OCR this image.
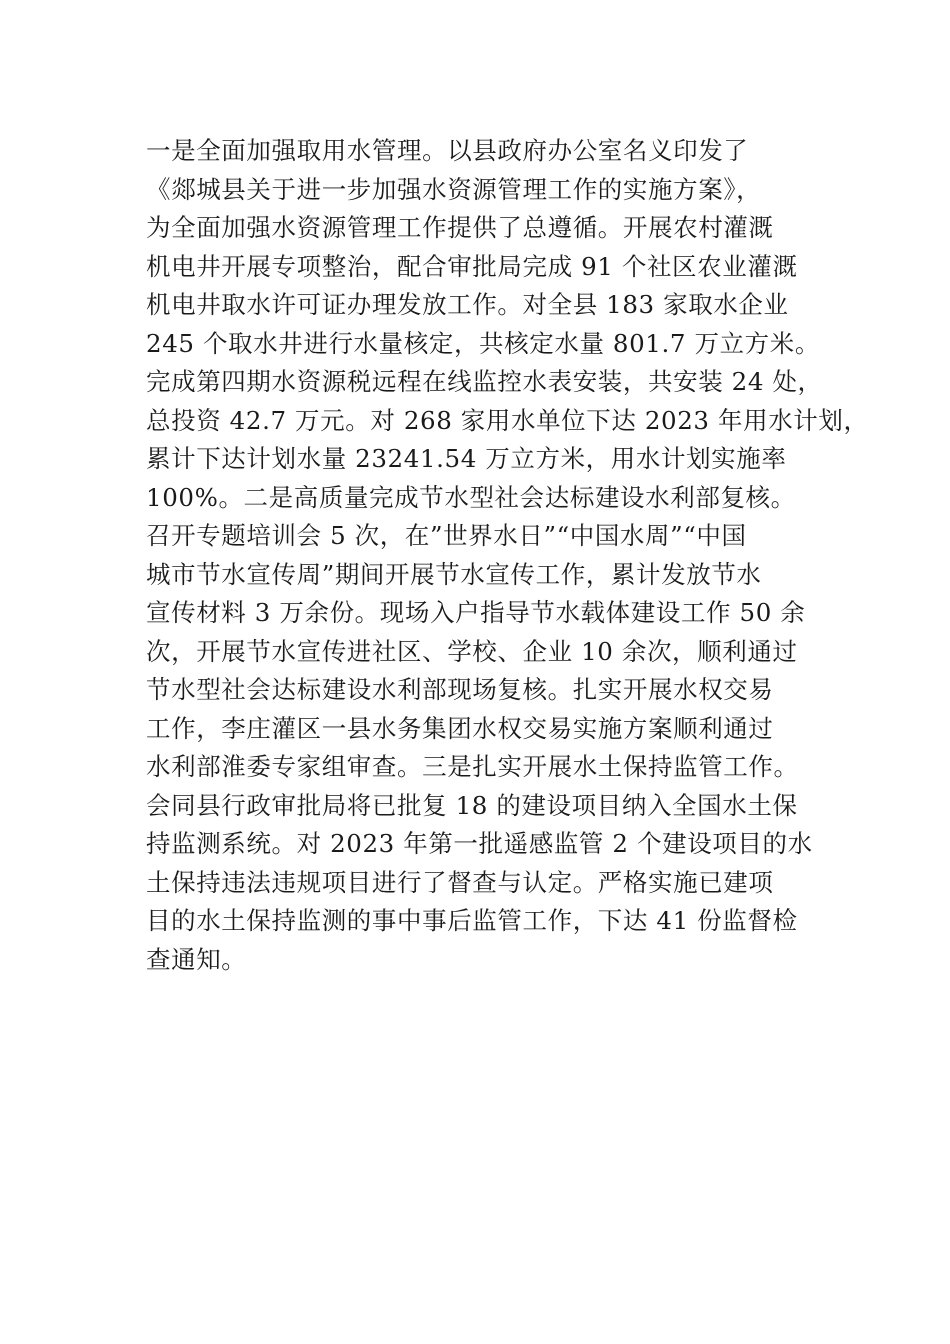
一是全面加强取用水管理。以县政府办公室名义印发了
《郯城县关于进一步加强水资源管理工作的实施方案》，
为全面加强水资源管理工作提供了总遵循。开展农村灌溉
机电井开展专项整治，配合审批局完成 91 个社区农业灌溉
机电井取水许可证办理发放工作。对全县 183 家取水企业
245 个取水井进行水量核定，共核定水量 801.7 万立方米。
完成第四期水资源税远程在线监控水表安装，共安装 24 处，
总投资 42.7 万元。对 268 家用水单位下达 2023 年用水计划，
累计下达计划水量 23241.54 万立方米，用水计划实施率
100%。二是高质量完成节水型社会达标建设水利部复核。
召开专题培训会 5 次，在”世界水日”“中国水周”“中国
城市节水宣传周”期间开展节水宣传工作，累计发放节水
宣传材料 3 万余份。现场入户指导节水载体建设工作 50 余
次，开展节水宣传进社区、学校、企业 10 余次，顺利通过
节水型社会达标建设水利部现场复核。扎实开展水权交易
工作，李庄灌区一县水务集团水权交易实施方案顺利通过
水利部淮委专家组审查。三是扎实开展水土保持监管工作。
会同县行政审批局将已批复 18 的建设项目纳入全国水土保
持监测系统。对 2023 年第一批遥感监管 2 个建设项目的水
土保持违法违规项目进行了督查与认定。严格实施已建项
目的水土保持监测的事中事后监管工作，下达 41 份监督检
查通知。
